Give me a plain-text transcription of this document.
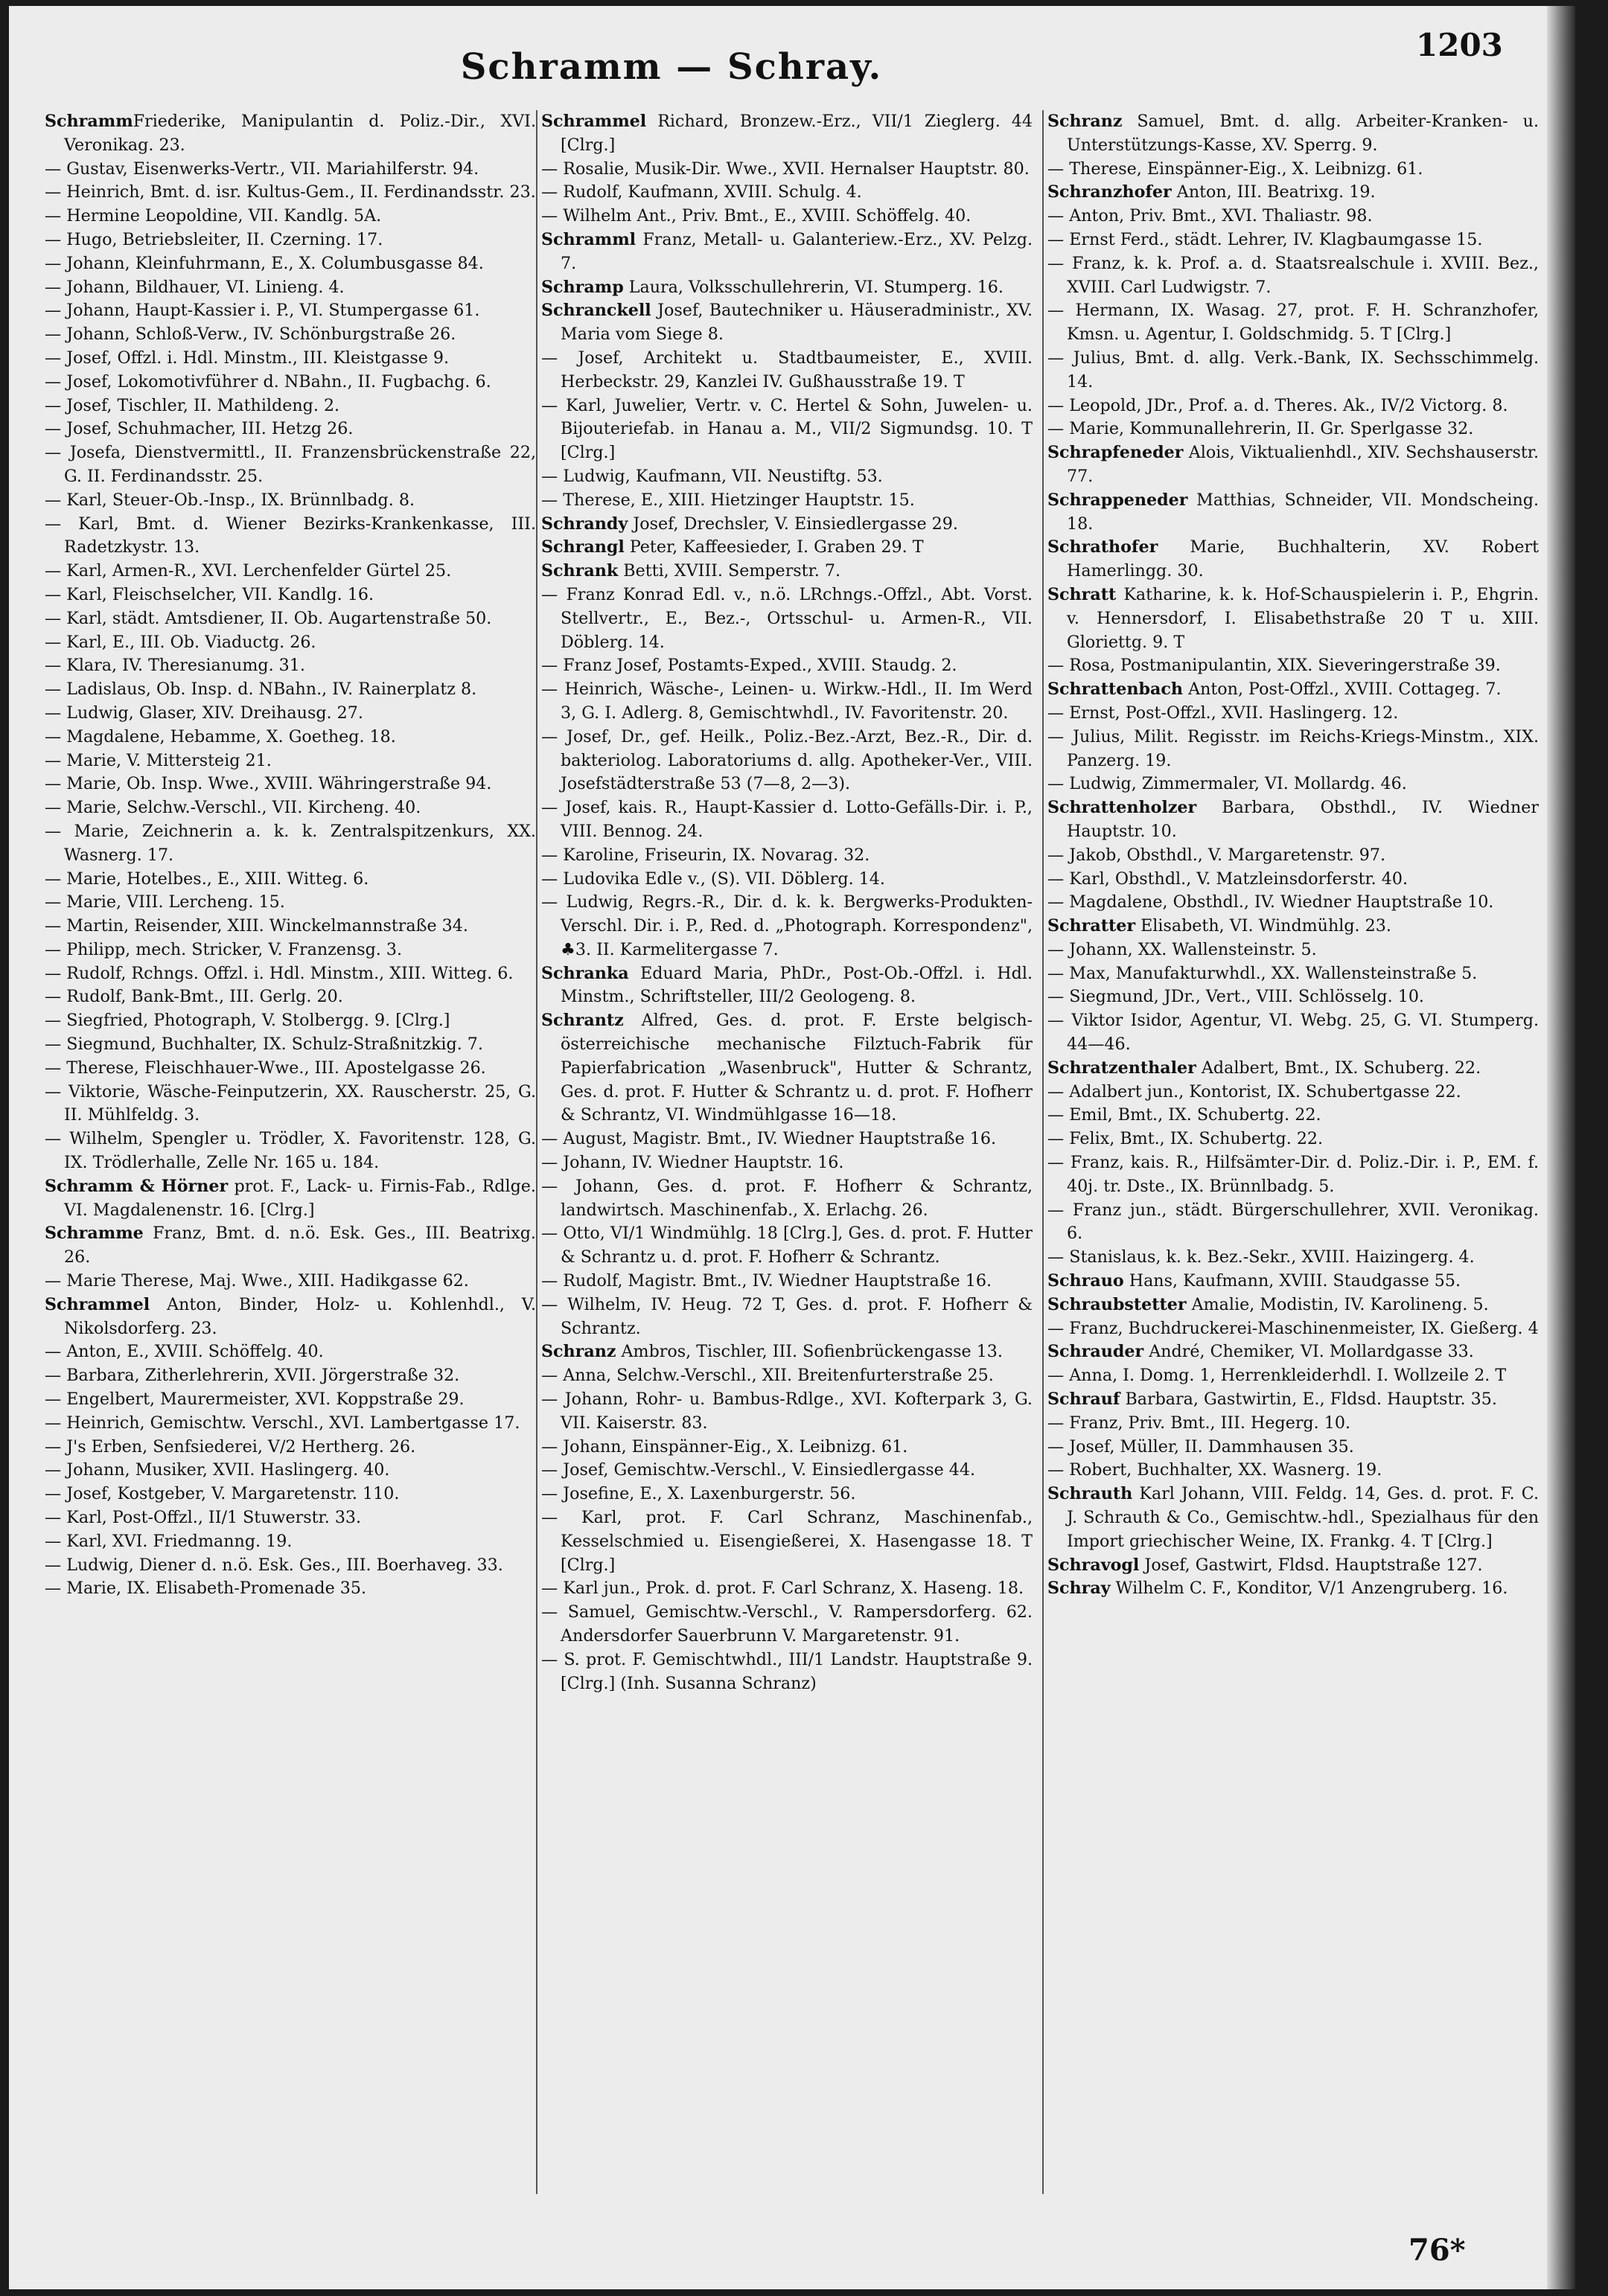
Schramm — Schray.
1203
SchrammFriederike, Manipulantin d. Poliz.-Dir., XVI. Veronikag. 23.
— Gustav, Eisenwerks-Vertr., VII. Mariahilferstr. 94.
— Heinrich, Bmt. d. isr. Kultus-Gem., II. Ferdinandsstr. 23.
— Hermine Leopoldine, VII. Kandlg. 5A.
— Hugo, Betriebsleiter, II. Czerning. 17.
— Johann, Kleinfuhrmann, E., X. Columbusgasse 84.
— Johann, Bildhauer, VI. Linieng. 4.
— Johann, Haupt-Kassier i. P., VI. Stumpergasse 61.
— Johann, Schloß-Verw., IV. Schönburgstraße 26.
— Josef, Offzl. i. Hdl. Minstm., III. Kleistgasse 9.
— Josef, Lokomotivführer d. NBahn., II. Fugbachg. 6.
— Josef, Tischler, II. Mathildeng. 2.
— Josef, Schuhmacher, III. Hetzg 26.
— Josefa, Dienstvermittl., II. Franzensbrückenstraße 22, G. II. Ferdinandsstr. 25.
— Karl, Steuer-Ob.-Insp., IX. Brünnlbadg. 8.
— Karl, Bmt. d. Wiener Bezirks-Krankenkasse, III. Radetzkystr. 13.
— Karl, Armen-R., XVI. Lerchenfelder Gürtel 25.
— Karl, Fleischselcher, VII. Kandlg. 16.
— Karl, städt. Amtsdiener, II. Ob. Augartenstraße 50.
— Karl, E., III. Ob. Viaductg. 26.
— Klara, IV. Theresianumg. 31.
— Ladislaus, Ob. Insp. d. NBahn., IV. Rainerplatz 8.
— Ludwig, Glaser, XIV. Dreihausg. 27.
— Magdalene, Hebamme, X. Goetheg. 18.
— Marie, V. Mittersteig 21.
— Marie, Ob. Insp. Wwe., XVIII. Währingerstraße 94.
— Marie, Selchw.-Verschl., VII. Kircheng. 40.
— Marie, Zeichnerin a. k. k. Zentralspitzenkurs, XX. Wasnerg. 17.
— Marie, Hotelbes., E., XIII. Witteg. 6.
— Marie, VIII. Lercheng. 15.
— Martin, Reisender, XIII. Winckelmannstraße 34.
— Philipp, mech. Stricker, V. Franzensg. 3.
— Rudolf, Rchngs. Offzl. i. Hdl. Minstm., XIII. Witteg. 6.
— Rudolf, Bank-Bmt., III. Gerlg. 20.
— Siegfried, Photograph, V. Stolbergg. 9. [Clrg.]
— Siegmund, Buchhalter, IX. Schulz-Straßnitzkig. 7.
— Therese, Fleischhauer-Wwe., III. Apostelgasse 26.
— Viktorie, Wäsche-Feinputzerin, XX. Rauscherstr. 25, G. II. Mühlfeldg. 3.
— Wilhelm, Spengler u. Trödler, X. Favoritenstr. 128, G. IX. Trödlerhalle, Zelle Nr. 165 u. 184.
Schramm & Hörner prot. F., Lack- u. Firnis-Fab., Rdlge. VI. Magdalenenstr. 16. [Clrg.]
Schramme Franz, Bmt. d. n.ö. Esk. Ges., III. Beatrixg. 26.
— Marie Therese, Maj. Wwe., XIII. Hadikgasse 62.
Schrammel Anton, Binder, Holz- u. Kohlenhdl., V. Nikolsdorferg. 23.
— Anton, E., XVIII. Schöffelg. 40.
— Barbara, Zitherlehrerin, XVII. Jörgerstraße 32.
— Engelbert, Maurermeister, XVI. Koppstraße 29.
— Heinrich, Gemischtw. Verschl., XVI. Lambertgasse 17.
— J's Erben, Senfsiederei, V/2 Hertherg. 26.
— Johann, Musiker, XVII. Haslingerg. 40.
— Josef, Kostgeber, V. Margaretenstr. 110.
— Karl, Post-Offzl., II/1 Stuwerstr. 33.
— Karl, XVI. Friedmanng. 19.
— Ludwig, Diener d. n.ö. Esk. Ges., III. Boerhaveg. 33.
— Marie, IX. Elisabeth-Promenade 35.
Schrammel Richard, Bronzew.-Erz., VII/1 Zieglerg. 44 [Clrg.]
— Rosalie, Musik-Dir. Wwe., XVII. Hernalser Hauptstr. 80.
— Rudolf, Kaufmann, XVIII. Schulg. 4.
— Wilhelm Ant., Priv. Bmt., E., XVIII. Schöffelg. 40.
Schramml Franz, Metall- u. Galanteriew.-Erz., XV. Pelzg. 7.
Schramp Laura, Volksschullehrerin, VI. Stumperg. 16.
Schranckell Josef, Bautechniker u. Häuseradministr., XV. Maria vom Siege 8.
— Josef, Architekt u. Stadtbaumeister, E., XVIII. Herbeckstr. 29, Kanzlei IV. Gußhausstraße 19. T
— Karl, Juwelier, Vertr. v. C. Hertel & Sohn, Juwelen- u. Bijouteriefab. in Hanau a. M., VII/2 Sigmundsg. 10. T [Clrg.]
— Ludwig, Kaufmann, VII. Neustiftg. 53.
— Therese, E., XIII. Hietzinger Hauptstr. 15.
Schrandy Josef, Drechsler, V. Einsiedlergasse 29.
Schrangl Peter, Kaffeesieder, I. Graben 29. T
Schrank Betti, XVIII. Semperstr. 7.
— Franz Konrad Edl. v., n.ö. LRchngs.-Offzl., Abt. Vorst. Stellvertr., E., Bez.-, Ortsschul- u. Armen-R., VII. Döblerg. 14.
— Franz Josef, Postamts-Exped., XVIII. Staudg. 2.
— Heinrich, Wäsche-, Leinen- u. Wirkw.-Hdl., II. Im Werd 3, G. I. Adlerg. 8, Gemischtwhdl., IV. Favoritenstr. 20.
— Josef, Dr., gef. Heilk., Poliz.-Bez.-Arzt, Bez.-R., Dir. d. bakteriolog. Laboratoriums d. allg. Apotheker-Ver., VIII. Josefstädterstraße 53 (7—8, 2—3).
— Josef, kais. R., Haupt-Kassier d. Lotto-Gefälls-Dir. i. P., VIII. Bennog. 24.
— Karoline, Friseurin, IX. Novarag. 32.
— Ludovika Edle v., (S). VII. Döblerg. 14.
— Ludwig, Regrs.-R., Dir. d. k. k. Bergwerks-Produkten-Verschl. Dir. i. P., Red. d. „Photograph. Korrespondenz", ♣3. II. Karmelitergasse 7.
Schranka Eduard Maria, PhDr., Post-Ob.-Offzl. i. Hdl. Minstm., Schriftsteller, III/2 Geologeng. 8.
Schrantz Alfred, Ges. d. prot. F. Erste belgisch-österreichische mechanische Filztuch-Fabrik für Papierfabrication „Wasenbruck", Hutter & Schrantz, Ges. d. prot. F. Hutter & Schrantz u. d. prot. F. Hofherr & Schrantz, VI. Windmühlgasse 16—18.
— August, Magistr. Bmt., IV. Wiedner Hauptstraße 16.
— Johann, IV. Wiedner Hauptstr. 16.
— Johann, Ges. d. prot. F. Hofherr & Schrantz, landwirtsch. Maschinenfab., X. Erlachg. 26.
— Otto, VI/1 Windmühlg. 18 [Clrg.], Ges. d. prot. F. Hutter & Schrantz u. d. prot. F. Hofherr & Schrantz.
— Rudolf, Magistr. Bmt., IV. Wiedner Hauptstraße 16.
— Wilhelm, IV. Heug. 72 T, Ges. d. prot. F. Hofherr & Schrantz.
Schranz Ambros, Tischler, III. Sofienbrückengasse 13.
— Anna, Selchw.-Verschl., XII. Breitenfurterstraße 25.
— Johann, Rohr- u. Bambus-Rdlge., XVI. Kofterpark 3, G. VII. Kaiserstr. 83.
— Johann, Einspänner-Eig., X. Leibnizg. 61.
— Josef, Gemischtw.-Verschl., V. Einsiedlergasse 44.
— Josefine, E., X. Laxenburgerstr. 56.
— Karl, prot. F. Carl Schranz, Maschinenfab., Kesselschmied u. Eisengießerei, X. Hasengasse 18. T [Clrg.]
— Karl jun., Prok. d. prot. F. Carl Schranz, X. Haseng. 18.
— Samuel, Gemischtw.-Verschl., V. Rampersdorferg. 62. Andersdorfer Sauerbrunn V. Margaretenstr. 91.
— S. prot. F. Gemischtwhdl., III/1 Landstr. Hauptstraße 9. [Clrg.] (Inh. Susanna Schranz)
Schranz Samuel, Bmt. d. allg. Arbeiter-Kranken- u. Unterstützungs-Kasse, XV. Sperrg. 9.
— Therese, Einspänner-Eig., X. Leibnizg. 61.
Schranzhofer Anton, III. Beatrixg. 19.
— Anton, Priv. Bmt., XVI. Thaliastr. 98.
— Ernst Ferd., städt. Lehrer, IV. Klagbaumgasse 15.
— Franz, k. k. Prof. a. d. Staatsrealschule i. XVIII. Bez., XVIII. Carl Ludwigstr. 7.
— Hermann, IX. Wasag. 27, prot. F. H. Schranzhofer, Kmsn. u. Agentur, I. Goldschmidg. 5. T [Clrg.]
— Julius, Bmt. d. allg. Verk.-Bank, IX. Sechsschimmelg. 14.
— Leopold, JDr., Prof. a. d. Theres. Ak., IV/2 Victorg. 8.
— Marie, Kommunallehrerin, II. Gr. Sperlgasse 32.
Schrapfeneder Alois, Viktualienhdl., XIV. Sechshauserstr. 77.
Schrappeneder Matthias, Schneider, VII. Mondscheing. 18.
Schrathofer Marie, Buchhalterin, XV. Robert Hamerlingg. 30.
Schratt Katharine, k. k. Hof-Schauspielerin i. P., Ehgrin. v. Hennersdorf, I. Elisabethstraße 20 T u. XIII. Gloriettg. 9. T
— Rosa, Postmanipulantin, XIX. Sieveringerstraße 39.
Schrattenbach Anton, Post-Offzl., XVIII. Cottageg. 7.
— Ernst, Post-Offzl., XVII. Haslingerg. 12.
— Julius, Milit. Regisstr. im Reichs-Kriegs-Minstm., XIX. Panzerg. 19.
— Ludwig, Zimmermaler, VI. Mollardg. 46.
Schrattenholzer Barbara, Obsthdl., IV. Wiedner Hauptstr. 10.
— Jakob, Obsthdl., V. Margaretenstr. 97.
— Karl, Obsthdl., V. Matzleinsdorferstr. 40.
— Magdalene, Obsthdl., IV. Wiedner Hauptstraße 10.
Schratter Elisabeth, VI. Windmühlg. 23.
— Johann, XX. Wallensteinstr. 5.
— Max, Manufakturwhdl., XX. Wallensteinstraße 5.
— Siegmund, JDr., Vert., VIII. Schlösselg. 10.
— Viktor Isidor, Agentur, VI. Webg. 25, G. VI. Stumperg. 44—46.
Schratzenthaler Adalbert, Bmt., IX. Schuberg. 22.
— Adalbert jun., Kontorist, IX. Schubertgasse 22.
— Emil, Bmt., IX. Schubertg. 22.
— Felix, Bmt., IX. Schubertg. 22.
— Franz, kais. R., Hilfsämter-Dir. d. Poliz.-Dir. i. P., EM. f. 40j. tr. Dste., IX. Brünnlbadg. 5.
— Franz jun., städt. Bürgerschullehrer, XVII. Veronikag. 6.
— Stanislaus, k. k. Bez.-Sekr., XVIII. Haizingerg. 4.
Schrauo Hans, Kaufmann, XVIII. Staudgasse 55.
Schraubstetter Amalie, Modistin, IV. Karolineng. 5.
— Franz, Buchdruckerei-Maschinenmeister, IX. Gießerg. 4
Schrauder André, Chemiker, VI. Mollardgasse 33.
— Anna, I. Domg. 1, Herrenkleiderhdl. I. Wollzeile 2. T
Schrauf Barbara, Gastwirtin, E., Fldsd. Hauptstr. 35.
— Franz, Priv. Bmt., III. Hegerg. 10.
— Josef, Müller, II. Dammhausen 35.
— Robert, Buchhalter, XX. Wasnerg. 19.
Schrauth Karl Johann, VIII. Feldg. 14, Ges. d. prot. F. C. J. Schrauth & Co., Gemischtw.-hdl., Spezialhaus für den Import griechischer Weine, IX. Frankg. 4. T [Clrg.]
Schravogl Josef, Gastwirt, Fldsd. Hauptstraße 127.
Schray Wilhelm C. F., Konditor, V/1 Anzengruberg. 16.
76*
